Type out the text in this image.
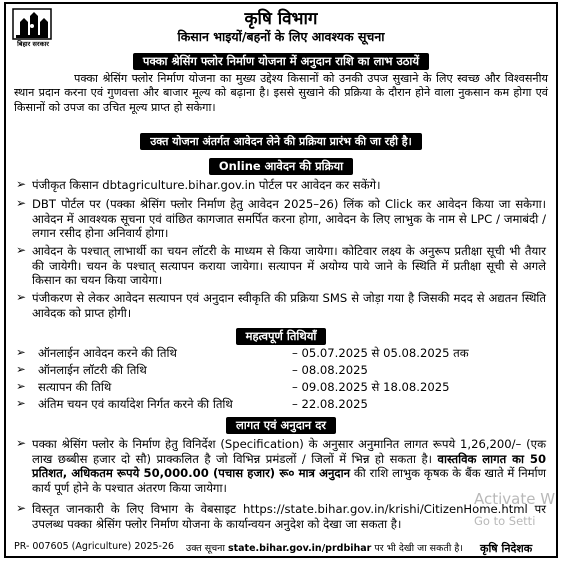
बिहार सरकार
कृषि विभाग
किसान भाइयों/बहनों के लिए आवश्यक सूचना
पक्का श्रेसिंग फ्लोर निर्माण योजना में अनुदान राशि का लाभ उठायें
पक्का श्रेसिंग फ्लोर निर्माण योजना का मुख्य उद्देश्य किसानों को उनकी उपज सुखाने के लिए स्वच्छ और विश्वसनीय स्थान प्रदान करना एवं गुणवत्ता और बाजार मूल्य को बढ़ाना है। इससे सुखाने की प्रक्रिया के दौरान होने वाला नुकसान कम होगा एवं किसानों को उपज का उचित मूल्य प्राप्त हो सकेगा।
उक्त योजना अंतर्गत आवेदन लेने की प्रक्रिया प्रारंभ की जा रही है।
Online आवेदन की प्रक्रिया
➢ पंजीकृत किसान dbtagriculture.bihar.gov.in पोर्टल पर आवेदन कर सकेंगे।
➢ DBT पोर्टल पर (पक्का श्रेसिंग फ्लोर निर्माण हेतु आवेदन 2025–26) लिंक को Click कर आवेदन किया जा सकेगा। आवेदन में आवश्यक सूचना एवं वांछित कागजात समर्पित करना होगा, आवेदन के लिए लाभुक के नाम से LPC / जमाबंदी / लगान रसीद होना अनिवार्य होगा।
➢ आवेदन के पश्चात् लाभार्थी का चयन लॉटरी के माध्यम से किया जायेगा। कोटिवार लक्ष्य के अनुरूप प्रतीक्षा सूची भी तैयार की जायेगी। चयन के पश्चात् सत्यापन कराया जायेगा। सत्यापन में अयोग्य पाये जाने के स्थिति में प्रतीक्षा सूची से अगले किसान का चयन किया जायेगा।
➢ पंजीकरण से लेकर आवेदन सत्यापन एवं अनुदान स्वीकृति की प्रक्रिया SMS से जोड़ा गया है जिसकी मदद से अद्यतन स्थिति आवेदक को प्राप्त होगी।
महत्वपूर्ण तिथियाँ
➢ ऑनलाईन आवेदन करने की तिथि	– 05.07.2025 से 05.08.2025 तक
➢ ऑनलाईन लॉटरी की तिथि	– 08.08.2025
➢ सत्यापन की तिथि	– 09.08.2025 से 18.08.2025
➢ अंतिम चयन एवं कार्यादेश निर्गत करने की तिथि	– 22.08.2025
लागत एवं अनुदान दर
➢ पक्का श्रेसिंग फ्लोर के निर्माण हेतु विनिर्देश (Specification) के अनुसार अनुमानित लागत रूपये 1,26,200/– (एक लाख छब्बीस हजार दो सौ) प्राक्कलित है जो विभिन्न प्रमंडलों / जिलों में भिन्न हो सकता है। वास्तविक लागत का 50 प्रतिशत, अधिकतम रूपये 50,000.00 (पचास हजार) रू० मात्र अनुदान की राशि लाभुक कृषक के बैंक खाते में निर्माण कार्य पूर्ण होने के पश्चात अंतरण किया जायेगा।
➢ विस्तृत जानकारी के लिए विभाग के वेबसाइट https://state.bihar.gov.in/krishi/CitizenHome.html पर उपलब्ध पक्का श्रेसिंग फ्लोर निर्माण योजना के कार्यान्वयन अनुदेश को देखा जा सकता है।
PR- 007605 (Agriculture) 2025-26 उक्त सूचना state.bihar.gov.in/prdbihar पर भी देखी जा सकती है। कृषि निदेशक
Activate W
Go to Setti
